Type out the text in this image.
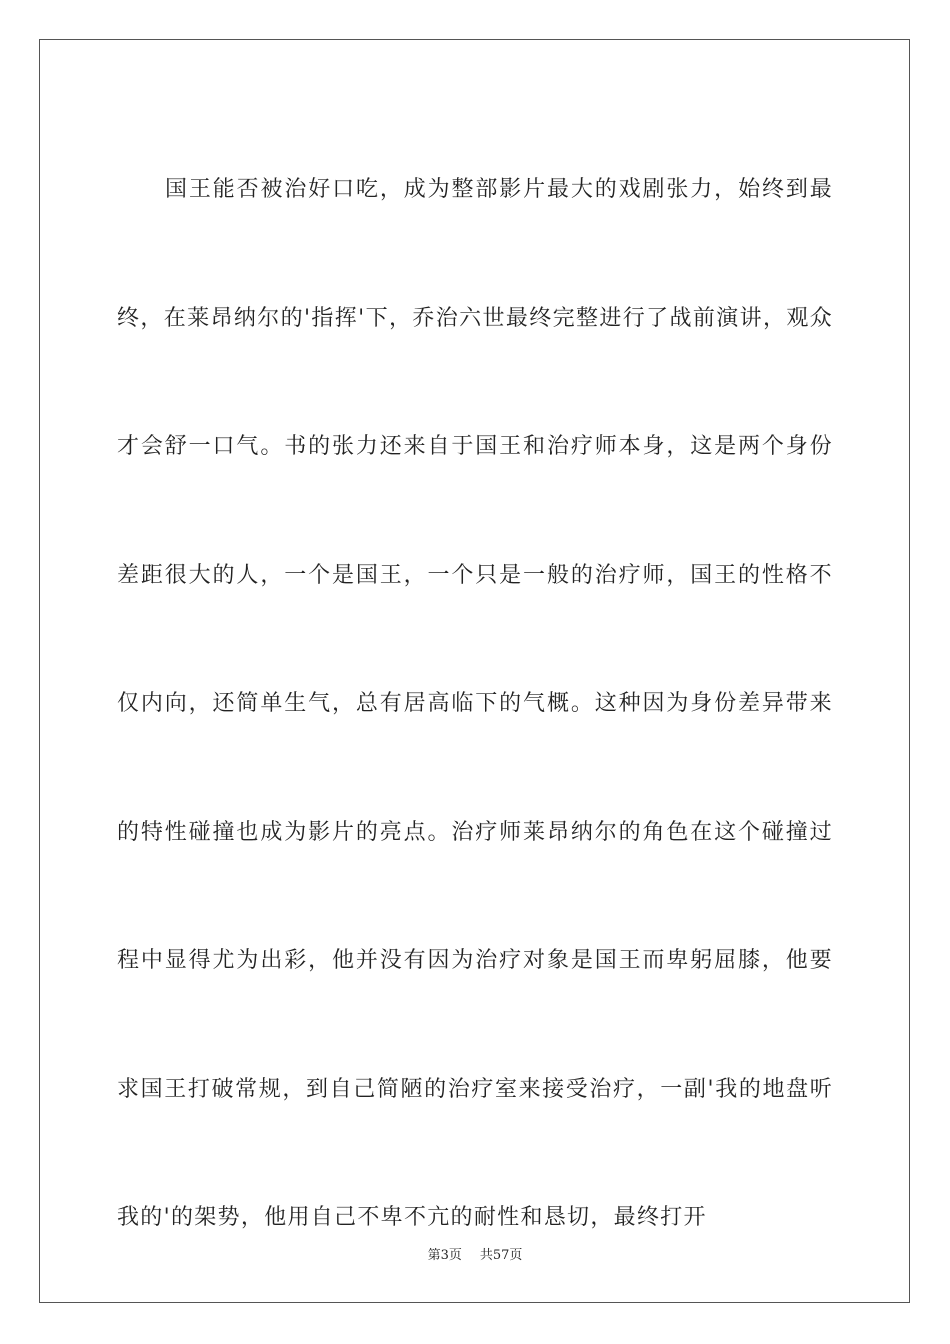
国王能否被治好口吃，成为整部影片最大的戏剧张力，始终到最终，在莱昂纳尔的'指挥'下，乔治六世最终完整进行了战前演讲，观众才会舒一口气。书的张力还来自于国王和治疗师本身，这是两个身份差距很大的人，一个是国王，一个只是一般的治疗师，国王的性格不仅内向，还简单生气，总有居高临下的气概。这种因为身份差异带来的特性碰撞也成为影片的亮点。治疗师莱昂纳尔的角色在这个碰撞过程中显得尤为出彩，他并没有因为治疗对象是国王而卑躬屈膝，他要求国王打破常规，到自己简陋的治疗室来接受治疗，一副'我的地盘听我的'的架势，他用自己不卑不亢的耐性和恳切，最终打开

第3页 共57页
